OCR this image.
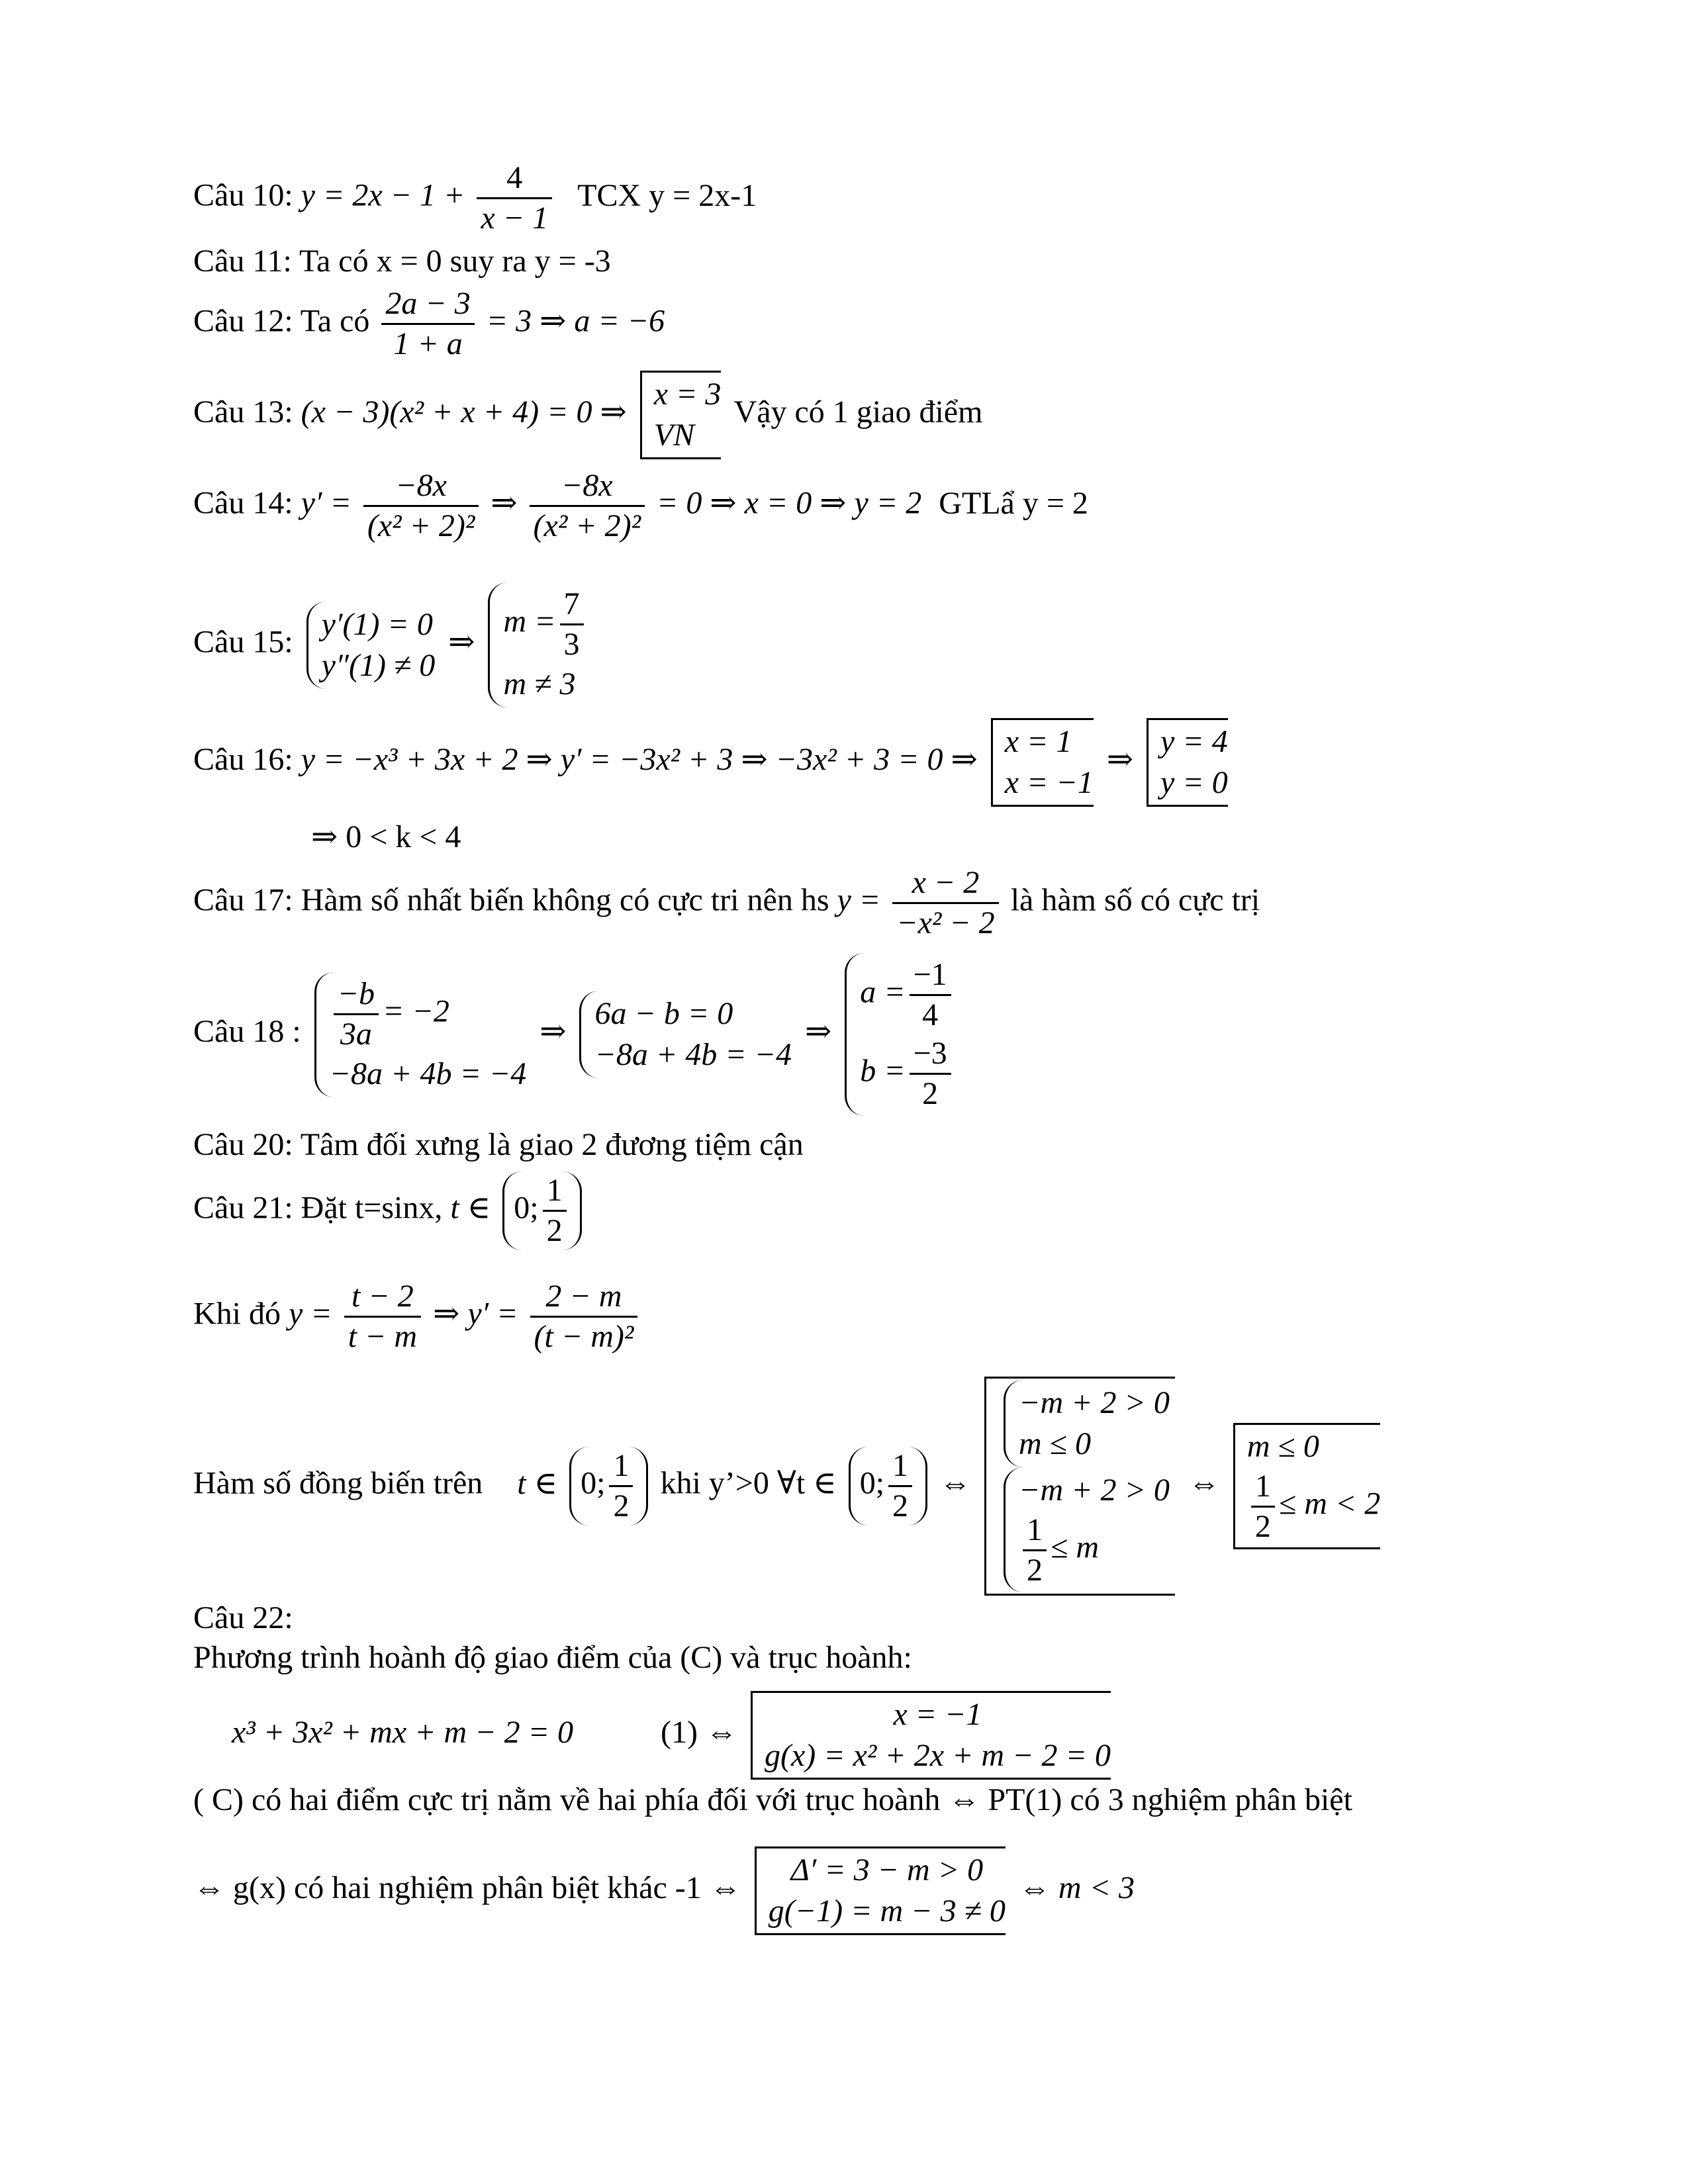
Câu 10: $y = 2x - 1 + \frac{4}{x - 1}$ TCX y = 2x-1
Câu 11: Ta có x = 0 suy ra y = -3
Câu 12: Ta có $\frac{2a - 3}{1 + a} = 3$ ⇒ a = −6
Câu 13: (x − 3)(x² + x + 4) = 0 ⇒
x = 3
VN
Vậy có 1 giao điểm
Câu 14: $y' = \frac{-8x}{\text{(x² + 2)²}}$ ⇒ $\frac{-8x}{\text{(x² + 2)²}} = 0$ ⇒ x = 0 ⇒ y = 2 GTLẩ y = 2
Câu 15:
y′(1) = 0
y″(1) ≠ 0
⇒
$m = \frac{7}{3}$
m ≠ 3
Câu 16: y = −x³ + 3x + 2 ⇒ y′ = −3x² + 3 ⇒ −3x² + 3 = 0 ⇒
x = 1
x = −1
⇒
y = 4
y = 0
⇒ 0 < k < 4
Câu 17: Hàm số nhất biến không có cực tri nên hs $y = \frac{x - 2}{\text{−x² − 2}}$ là hàm số có cực trị
Câu 18 : $\frac{-b}{3a} = -2$
−8a + 4b = −4
⇒
6a − b = 0
−8a + 4b = −4
⇒
$a = \frac{-1}{4}$
$b = \frac{-3}{2}$
Câu 20: Tâm đối xưng là giao 2 đương tiệm cận
Câu 21: Đặt t=sinx, t ∈ 0; $\frac{1}{2}$
Khi đó $y = \frac{t - 2}{t - m}$ ⇒ $y' = \frac{2 - m}{\text{(t − m)²}}$
Hàm số đồng biến trên t ∈ 0; $\frac{1}{2}$ khi y’>0 ∀t ∈ 0; $\frac{1}{2}$ ⇔
−m + 2 > 0
m ≤ 0
−m + 2 > 0
$\frac{1}{2} \le m$
⇔
m ≤ 0
$\frac{1}{2} \le m < 2$
Câu 22:
Phương trình hoành độ giao điểm của (C) và trục hoành:
x³ + 3x² + mx + m − 2 = 0	(1) ⇔
x = −1
g(x) = x² + 2x + m − 2 = 0
( C) có hai điểm cực trị nằm về hai phía đối với trục hoành ⇔ PT(1) có 3 nghiệm phân biệt
⇔ g(x) có hai nghiệm phân biệt khác -1 ⇔
Δ′ = 3 − m > 0
g(−1) = m − 3 ≠ 0
⇔ m < 3
